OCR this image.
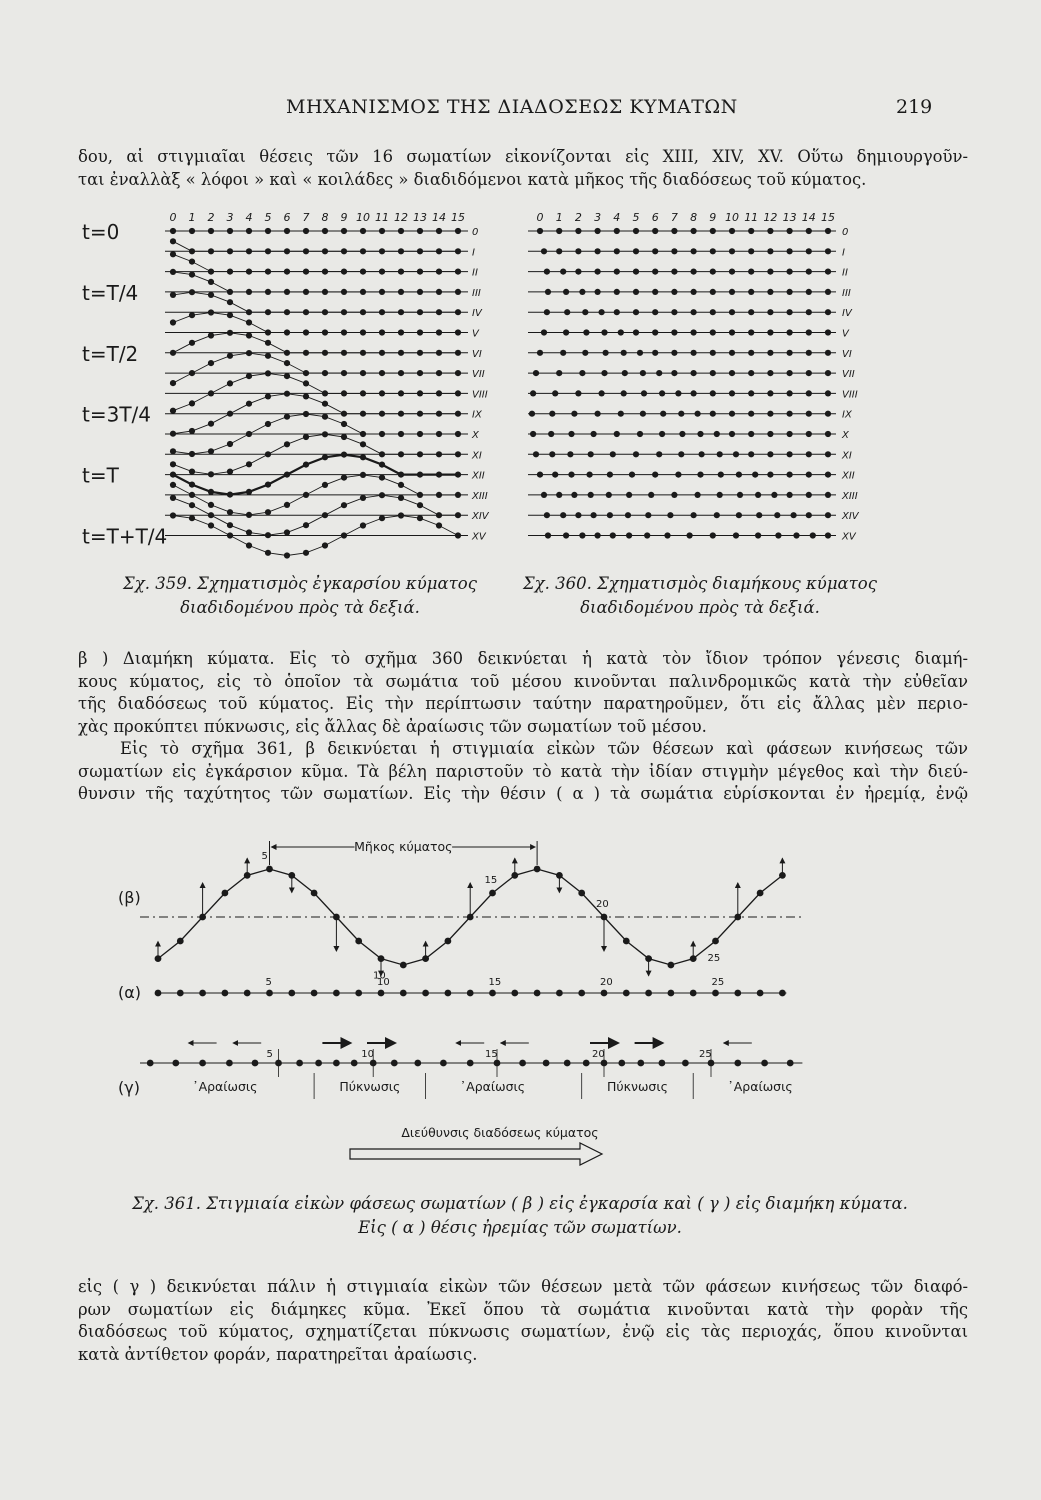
ΜΗΧΑΝΙΣΜΟΣ ΤΗΣ ΔΙΑΔΟΣΕΩΣ ΚΥΜΑΤΩΝ	219
δου, αἱ στιγμιαῖαι θέσεις τῶν 16 σωματίων εἰκονίζονται εἰς XIII, XIV, XV. Οὕτω δημιουργοῦν-
ται ἐναλλὰξ « λόφοι » καὶ « κοιλάδες » διαδιδόμενοι κατὰ μῆκος τῆς διαδόσεως τοῦ κύματος.
0 1 2 3 4 5 6 7 8 9 10 11 12 13 14 15
t=0
t=T/4
t=T/2
t=3T/4
t=T
t=T+T/4
0
I
II
III
IV
V
VI
VII
VIII
IX
X
XI
XII
XIII
XIV
XV
0 1 2 3 4 5 6 7 8 9 10 11 12 13 14 15
0
I
II
III
IV
V
VI
VII
VIII
IX
X
XI
XII
XIII
XIV
XV
Σχ. 359. Σχηματισμὸς ἐγκαρσίου κύματος
διαδιδομένου πρὸς τὰ δεξιά.
Σχ. 360. Σχηματισμὸς διαμήκους κύματος
διαδιδομένου πρὸς τὰ δεξιά.
β ) Διαμήκη κύματα. Εἰς τὸ σχῆμα 360 δεικνύεται ἡ κατὰ τὸν ἴδιον τρόπον γένεσις διαμή-
κους κύματος, εἰς τὸ ὁποῖον τὰ σωμάτια τοῦ μέσου κινοῦνται παλινδρομικῶς κατὰ τὴν εὐθεῖαν
τῆς διαδόσεως τοῦ κύματος. Εἰς τὴν περίπτωσιν ταύτην παρατηροῦμεν, ὅτι εἰς ἄλλας μὲν περιο-
χὰς προκύπτει πύκνωσις, εἰς ἄλλας δὲ ἀραίωσις τῶν σωματίων τοῦ μέσου.
Εἰς τὸ σχῆμα 361, β δεικνύεται ἡ στιγμιαία εἰκὼν τῶν θέσεων καὶ φάσεων κινήσεως τῶν
σωματίων εἰς ἐγκάρσιον κῦμα. Τὰ βέλη παριστοῦν τὸ κατὰ τὴν ἰδίαν στιγμὴν μέγεθος καὶ τὴν διεύ-
θυνσιν τῆς ταχύτητος τῶν σωματίων. Εἰς τὴν θέσιν ( α ) τὰ σωμάτια εὑρίσκονται ἐν ἠρεμίᾳ, ἐνῷ
Μῆκος κύματος
(β)
5
10
15
20
25
(α)
5	10	15	20	25
(γ)
5	10	15	20	25
᾿Αραίωσις	Πύκνωσις	᾿Αραίωσις	Πύκνωσις	᾿Αραίωσις
Διεύθυνσις διαδόσεως κύματος
Σχ. 361. Στιγμιαία εἰκὼν φάσεως σωματίων ( β ) εἰς ἐγκαρσία καὶ ( γ ) εἰς διαμήκη κύματα.
Εἰς ( α ) θέσις ἠρεμίας τῶν σωματίων.
εἰς ( γ ) δεικνύεται πάλιν ἡ στιγμιαία εἰκὼν τῶν θέσεων μετὰ τῶν φάσεων κινήσεως τῶν διαφό-
ρων σωματίων εἰς διάμηκες κῦμα. Ἐκεῖ ὅπου τὰ σωμάτια κινοῦνται κατὰ τὴν φορὰν τῆς
διαδόσεως τοῦ κύματος, σχηματίζεται πύκνωσις σωματίων, ἐνῷ εἰς τὰς περιοχάς, ὅπου κινοῦνται
κατὰ ἀντίθετον φοράν, παρατηρεῖται ἀραίωσις.
